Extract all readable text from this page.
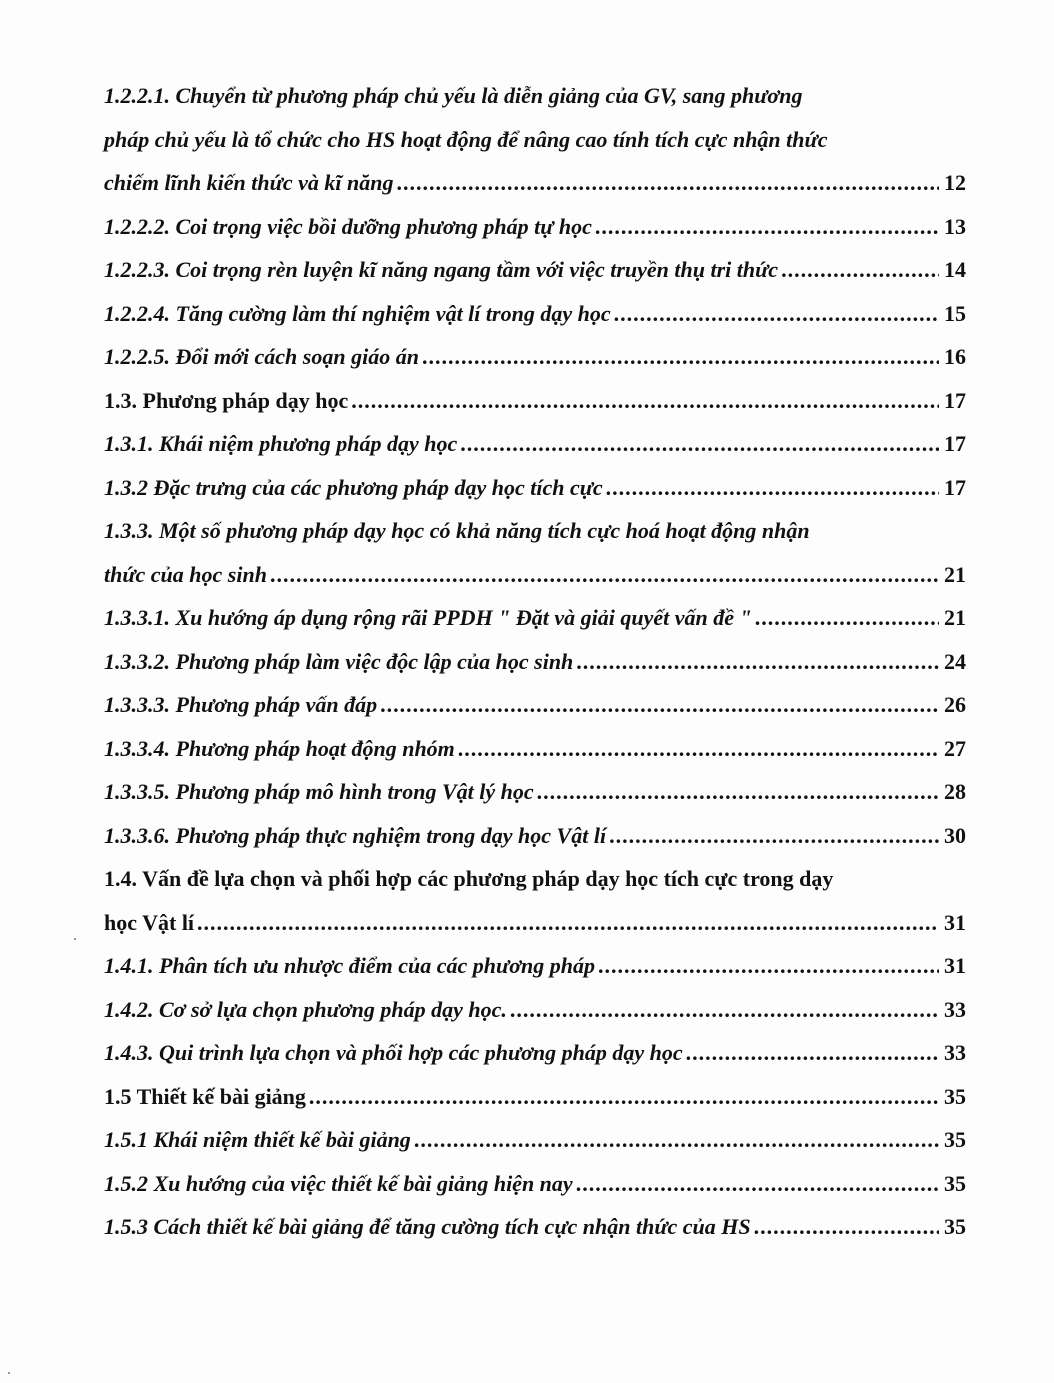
1.2.2.1. Chuyển từ phương pháp chủ yếu là diễn giảng của GV, sang phương
pháp chủ yếu là tổ chức cho HS hoạt động để nâng cao tính tích cực nhận thức
chiếm lĩnh kiến thức và kĩ năng .....	12
1.2.2.2. Coi trọng việc bồi dưỡng phương pháp tự học .....	13
1.2.2.3. Coi trọng rèn luyện kĩ năng ngang tầm với việc truyền thụ tri thức .....	14
1.2.2.4. Tăng cường làm thí nghiệm vật lí trong dạy học .....	15
1.2.2.5. Đổi mới cách soạn giáo án .....	16
1.3. Phương pháp dạy học .....	17
1.3.1. Khái niệm phương pháp dạy học .....	17
1.3.2 Đặc trưng của các phương pháp dạy học tích cực .....	17
1.3.3. Một số phương pháp dạy học có khả năng tích cực hoá hoạt động nhận
thức của học sinh .....	21
1.3.3.1. Xu hướng áp dụng rộng rãi PPDH " Đặt và giải quyết vấn đề " .....	21
1.3.3.2. Phương pháp làm việc độc lập của học sinh .....	24
1.3.3.3. Phương pháp vấn đáp .....	26
1.3.3.4. Phương pháp hoạt động nhóm .....	27
1.3.3.5. Phương pháp mô hình trong Vật lý học .....	28
1.3.3.6. Phương pháp thực nghiệm trong dạy học Vật lí .....	30
1.4. Vấn đề lựa chọn và phối hợp các phương pháp dạy học tích cực trong dạy
học Vật lí .....	31
1.4.1. Phân tích ưu nhược điểm của các phương pháp .....	31
1.4.2. Cơ sở lựa chọn phương pháp dạy học. .....	33
1.4.3. Qui trình lựa chọn và phối hợp các phương pháp dạy học .....	33
1.5 Thiết kế bài giảng .....	35
1.5.1 Khái niệm thiết kế bài giảng .....	35
1.5.2 Xu hướng của việc thiết kế bài giảng hiện nay .....	35
1.5.3 Cách thiết kế bài giảng để tăng cường tích cực nhận thức của HS .....	35
